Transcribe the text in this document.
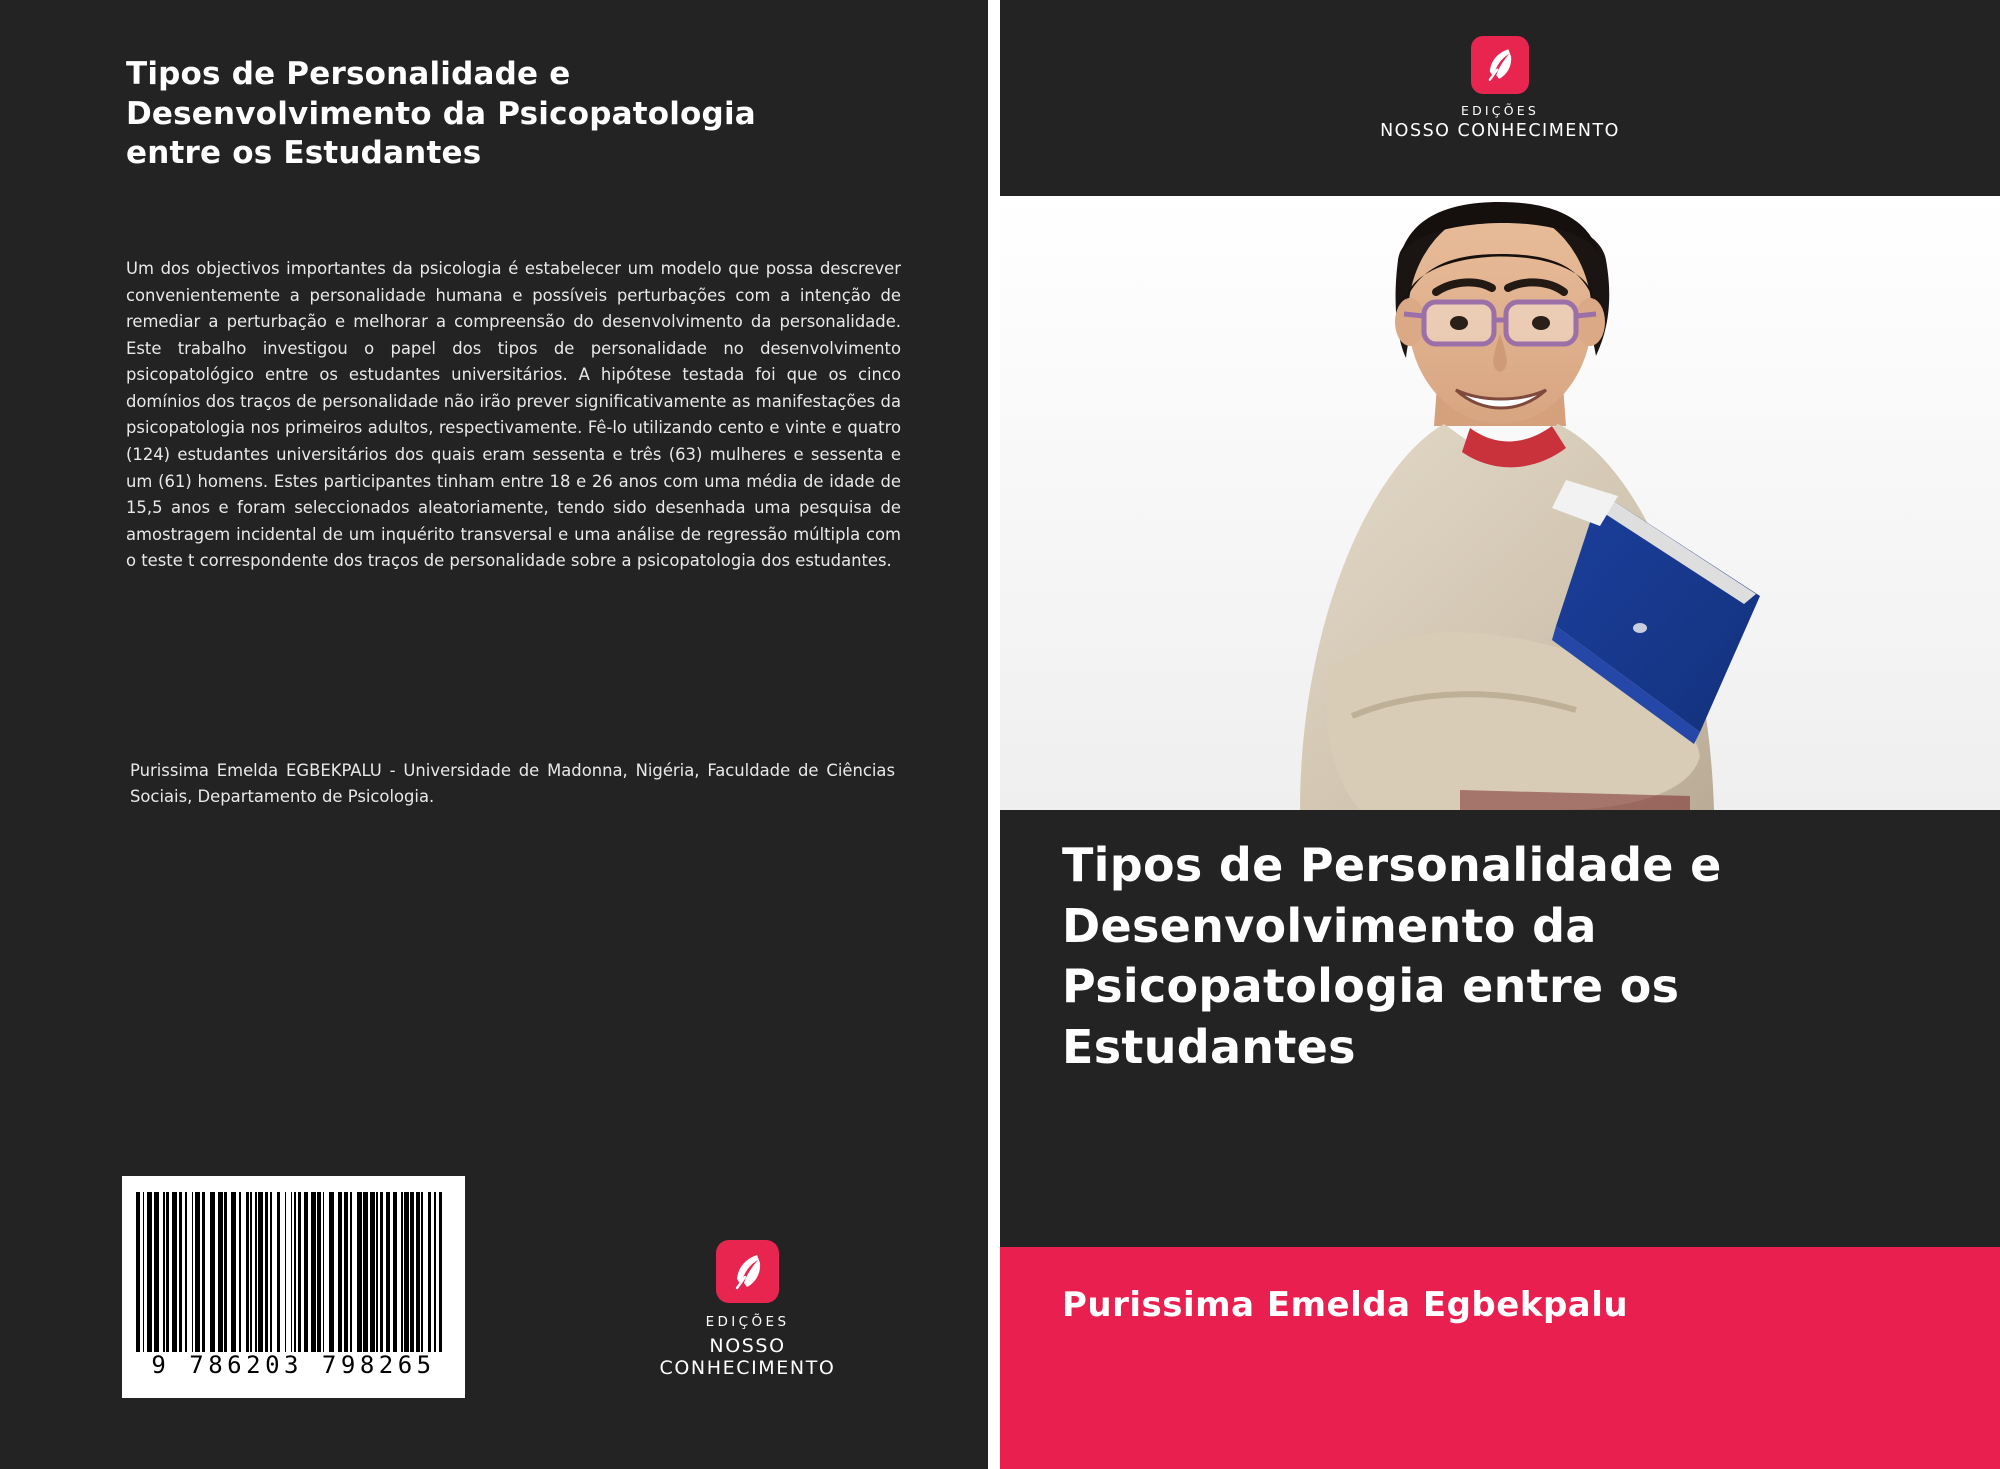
Tipos de Personalidade e Desenvolvimento da Psicopatologia entre os Estudantes
Um dos objectivos importantes da psicologia é estabelecer um modelo que possa descrever convenientemente a personalidade humana e possíveis perturbações com a intenção de remediar a perturbação e melhorar a compreensão do desenvolvimento da personalidade. Este trabalho investigou o papel dos tipos de personalidade no desenvolvimento psicopatológico entre os estudantes universitários. A hipótese testada foi que os cinco domínios dos traços de personalidade não irão prever significativamente as manifestações da psicopatologia nos primeiros adultos, respectivamente. Fê-lo utilizando cento e vinte e quatro (124) estudantes universitários dos quais eram sessenta e três (63) mulheres e sessenta e um (61) homens. Estes participantes tinham entre 18 e 26 anos com uma média de idade de 15,5 anos e foram seleccionados aleatoriamente, tendo sido desenhada uma pesquisa de amostragem incidental de um inquérito transversal e uma análise de regressão múltipla com o teste t correspondente dos traços de personalidade sobre a psicopatologia dos estudantes.
Purissima Emelda EGBEKPALU - Universidade de Madonna, Nigéria, Faculdade de Ciências Sociais, Departamento de Psicologia.
9 786203 798265
EDIÇÕES
NOSSO CONHECIMENTO
EDIÇÕES
NOSSO CONHECIMENTO
Tipos de Personalidade e Desenvolvimento da Psicopatologia entre os Estudantes
Purissima Emelda Egbekpalu
